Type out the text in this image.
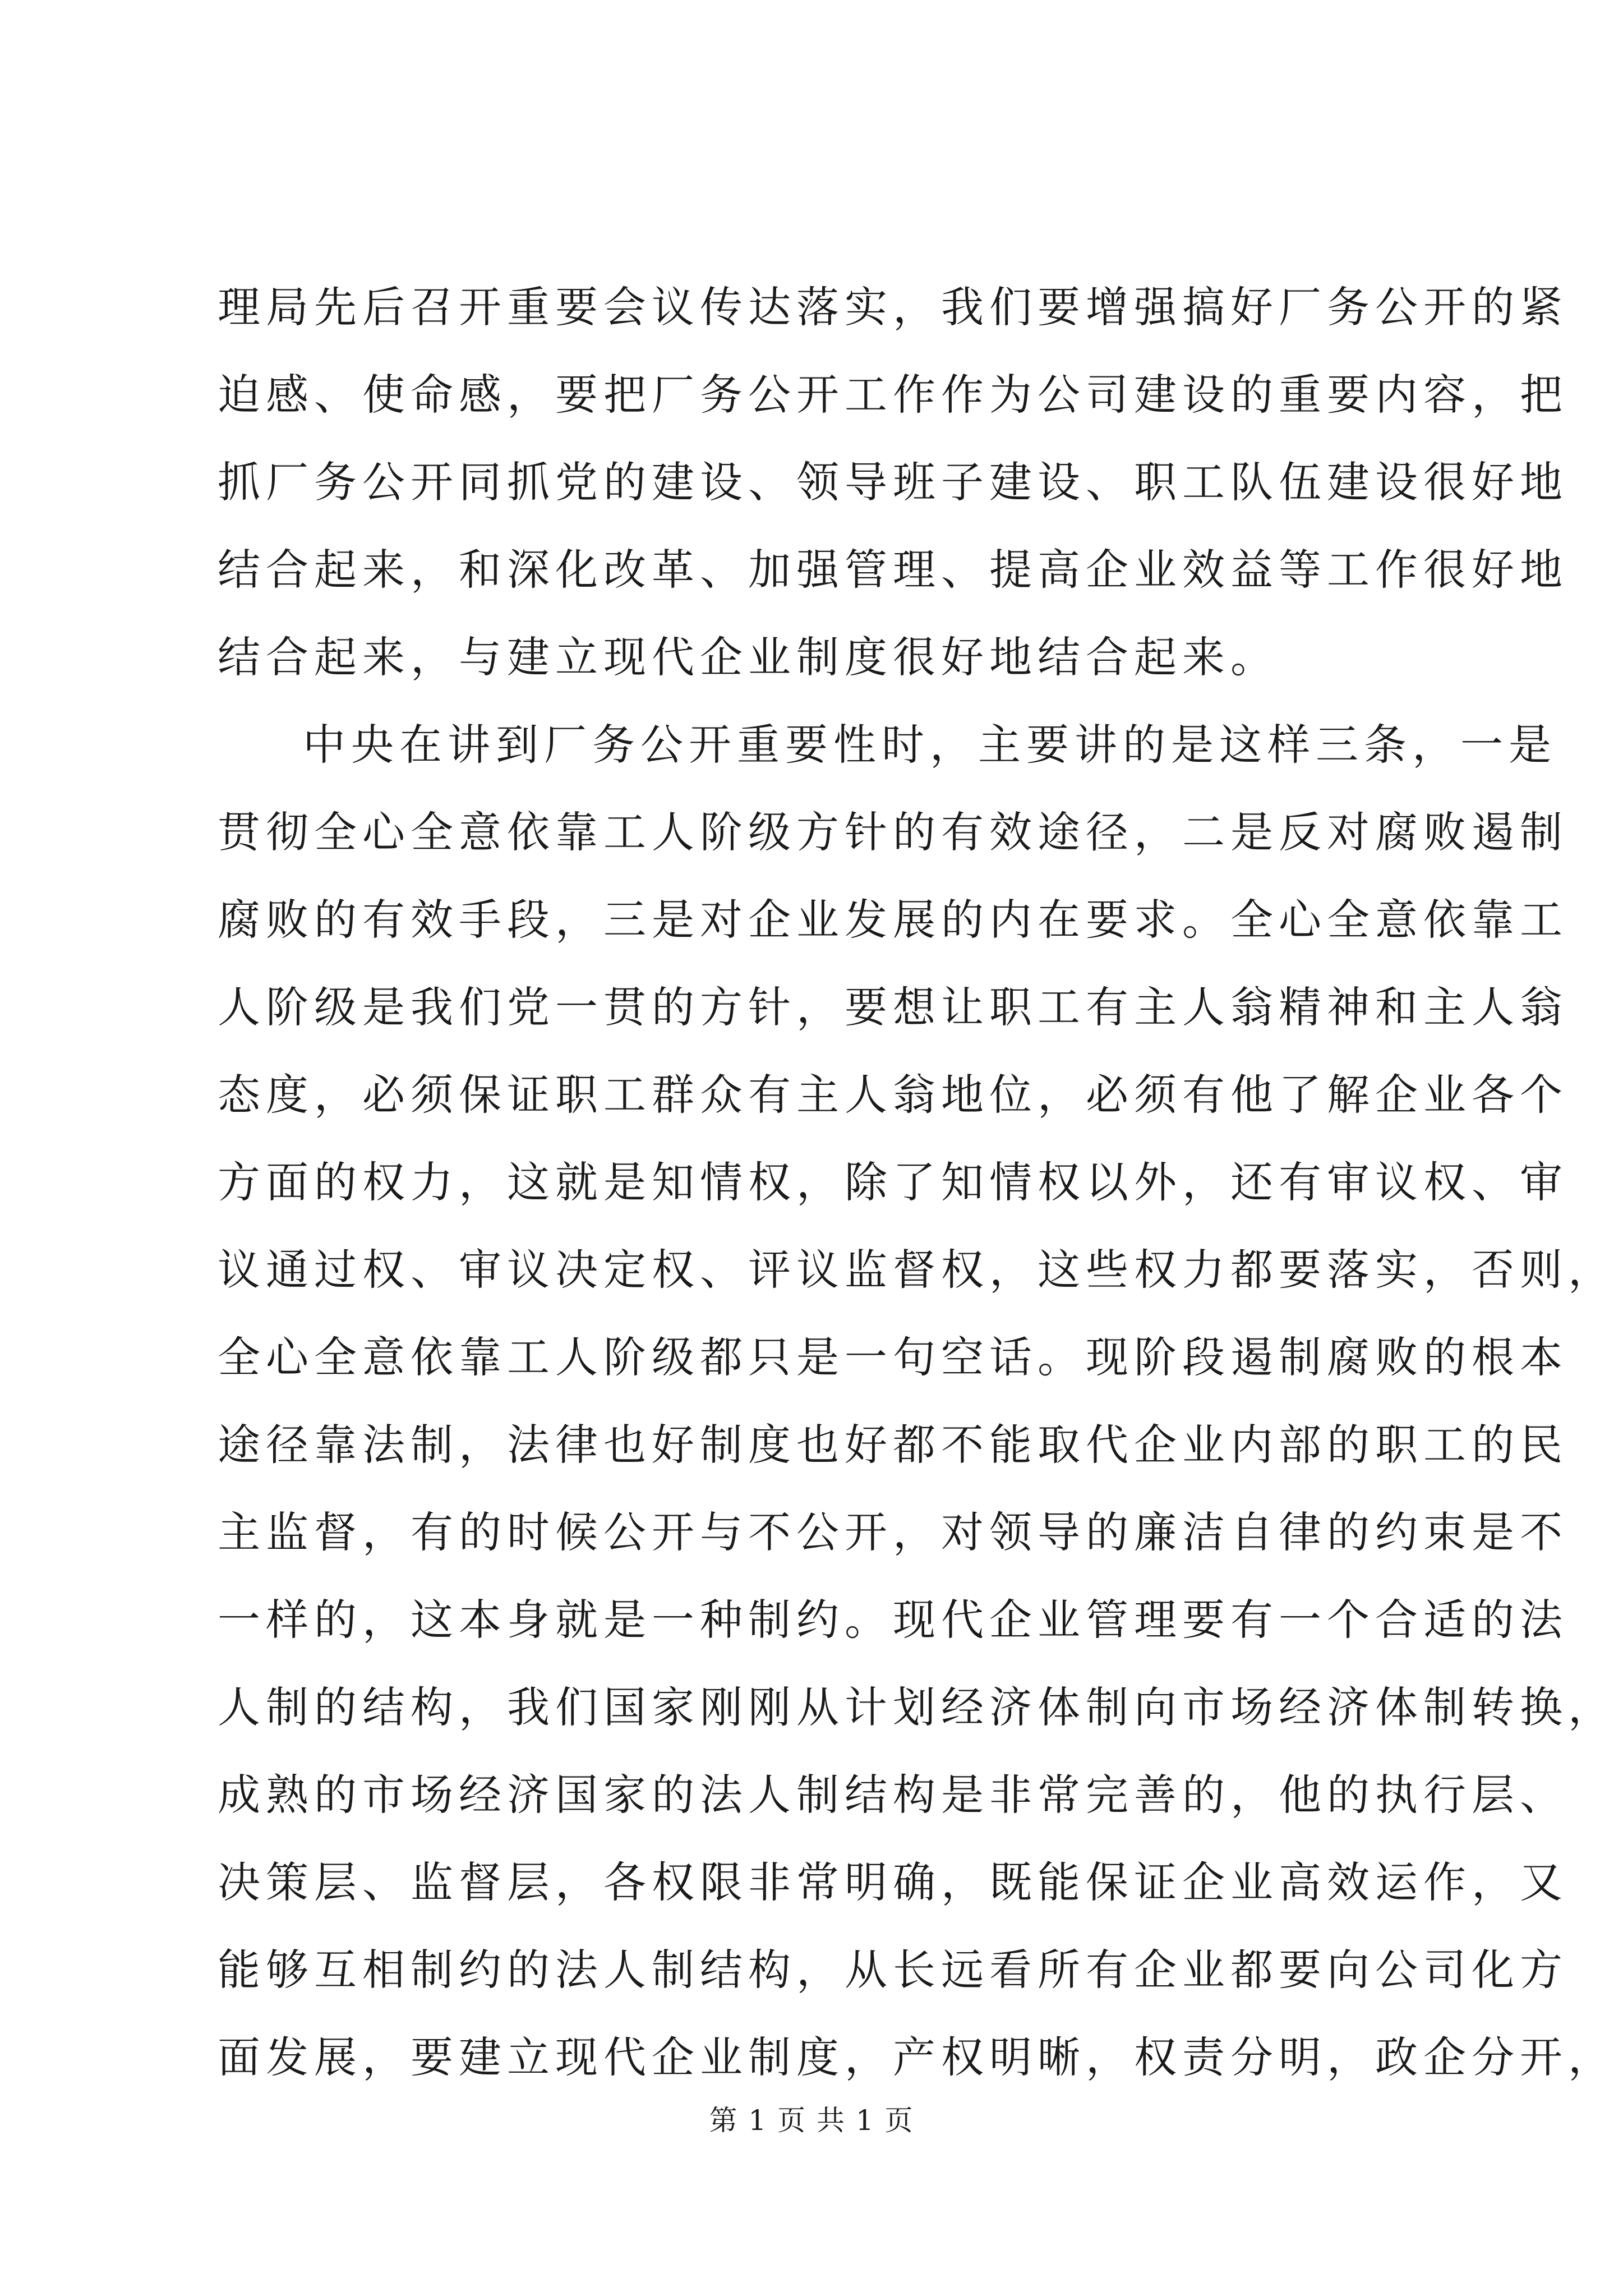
理局先后召开重要会议传达落实，我们要增强搞好厂务公开的紧
迫感、使命感，要把厂务公开工作作为公司建设的重要内容，把
抓厂务公开同抓党的建设、领导班子建设、职工队伍建设很好地
结合起来，和深化改革、加强管理、提高企业效益等工作很好地
结合起来，与建立现代企业制度很好地结合起来。
中央在讲到厂务公开重要性时，主要讲的是这样三条，一是
贯彻全心全意依靠工人阶级方针的有效途径，二是反对腐败遏制
腐败的有效手段，三是对企业发展的内在要求。全心全意依靠工
人阶级是我们党一贯的方针，要想让职工有主人翁精神和主人翁
态度，必须保证职工群众有主人翁地位，必须有他了解企业各个
方面的权力，这就是知情权，除了知情权以外，还有审议权、审
议通过权、审议决定权、评议监督权，这些权力都要落实，否则，
全心全意依靠工人阶级都只是一句空话。现阶段遏制腐败的根本
途径靠法制，法律也好制度也好都不能取代企业内部的职工的民
主监督，有的时候公开与不公开，对领导的廉洁自律的约束是不
一样的，这本身就是一种制约。现代企业管理要有一个合适的法
人制的结构，我们国家刚刚从计划经济体制向市场经济体制转换，
成熟的市场经济国家的法人制结构是非常完善的，他的执行层、
决策层、监督层，各权限非常明确，既能保证企业高效运作，又
能够互相制约的法人制结构，从长远看所有企业都要向公司化方
面发展，要建立现代企业制度，产权明晰，权责分明，政企分开，
第 1 页 共 1 页
